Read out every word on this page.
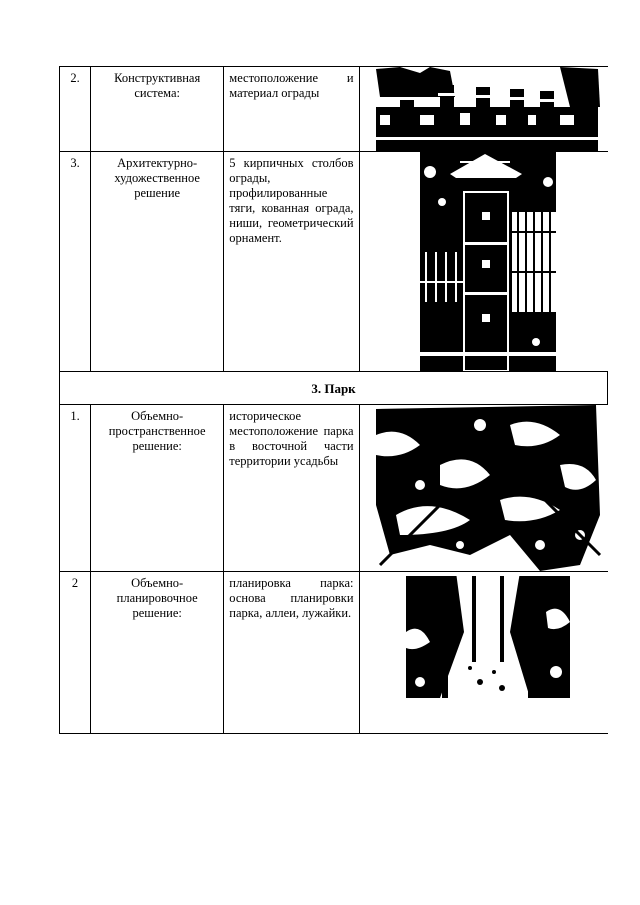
2.	Конструктивная система:	местоположение и материал ограды	

3.	Архитектурно-художественное решение	5 кирпичных столбов ограды, профилированные тяги, кованная ограда, ниши, геометрический орнамент.	

3. Парк			
1.	Объемно-пространственное решение:	историческое местоположение парка в восточной части территории усадьбы	

2	Объемно-планировочное решение:	планировка парка: основа планировки парка, аллеи, лужайки.	
